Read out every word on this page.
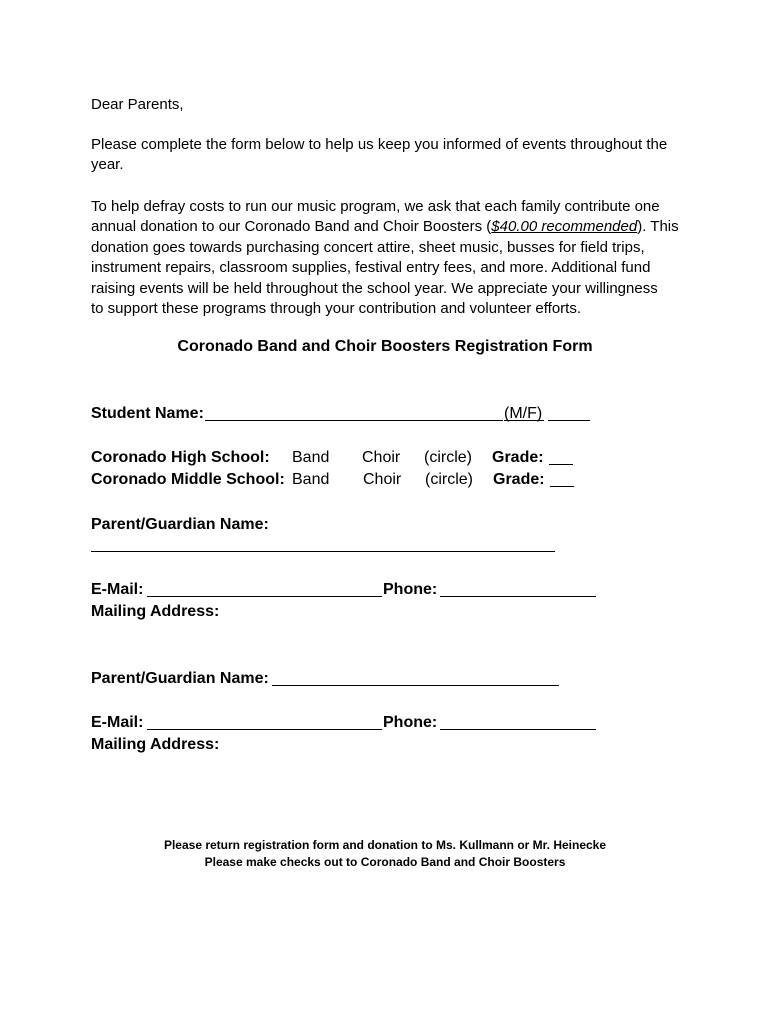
Dear Parents,
Please complete the form below to help us keep you informed of events throughout the
year.
To help defray costs to run our music program, we ask that each family contribute one
annual donation to our Coronado Band and Choir Boosters ($40.00 recommended). This
donation goes towards purchasing concert attire, sheet music, busses for field trips,
instrument repairs, classroom supplies, festival entry fees, and more. Additional fund
raising events will be held throughout the school year. We appreciate your willingness
to support these programs through your contribution and volunteer efforts.
Coronado Band and Choir Boosters Registration Form
Student Name:	(M/F)
Coronado High School: Band Choir (circle) Grade:
Coronado Middle School: Band Choir (circle) Grade:
Parent/Guardian Name:
E-Mail:	Phone:
Mailing Address:
Parent/Guardian Name:
E-Mail:	Phone:
Mailing Address:
Please return registration form and donation to Ms. Kullmann or Mr. Heinecke
Please make checks out to Coronado Band and Choir Boosters
